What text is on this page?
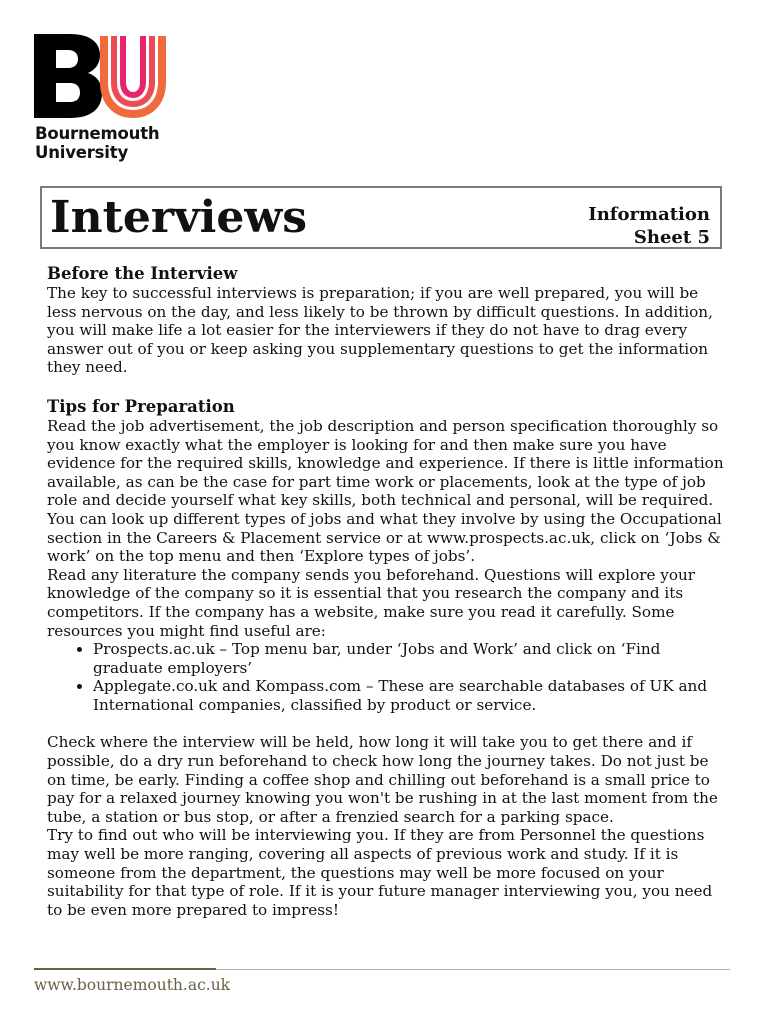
Bournemouth
University
Interviews	Information
Sheet 5
Before the Interview

The key to successful interviews is preparation; if you are well prepared, you will be less nervous on the day, and less likely to be thrown by difficult questions. In addition, you will make life a lot easier for the interviewers if they do not have to drag every answer out of you or keep asking you supplementary questions to get the information they need.

Tips for Preparation

Read the job advertisement, the job description and person specification thoroughly so you know exactly what the employer is looking for and then make sure you have evidence for the required skills, knowledge and experience. If there is little information available, as can be the case for part time work or placements, look at the type of job role and decide yourself what key skills, both technical and personal, will be required. You can look up different types of jobs and what they involve by using the Occupational section in the Careers & Placement service or at www.prospects.ac.uk, click on ‘Jobs & work’ on the top menu and then ‘Explore types of jobs’.

Read any literature the company sends you beforehand. Questions will explore your knowledge of the company so it is essential that you research the company and its competitors. If the company has a website, make sure you read it carefully. Some resources you might find useful are:

• Prospects.ac.uk – Top menu bar, under ‘Jobs and Work’ and click on ‘Find graduate employers’
• Applegate.co.uk and Kompass.com – These are searchable databases of UK and International companies, classified by product or service.

Check where the interview will be held, how long it will take you to get there and if possible, do a dry run beforehand to check how long the journey takes. Do not just be on time, be early. Finding a coffee shop and chilling out beforehand is a small price to pay for a relaxed journey knowing you won't be rushing in at the last moment from the tube, a station or bus stop, or after a frenzied search for a parking space.

Try to find out who will be interviewing you. If they are from Personnel the questions may well be more ranging, covering all aspects of previous work and study. If it is someone from the department, the questions may well be more focused on your suitability for that type of role. If it is your future manager interviewing you, you need to be even more prepared to impress!

www.bournemouth.ac.uk
